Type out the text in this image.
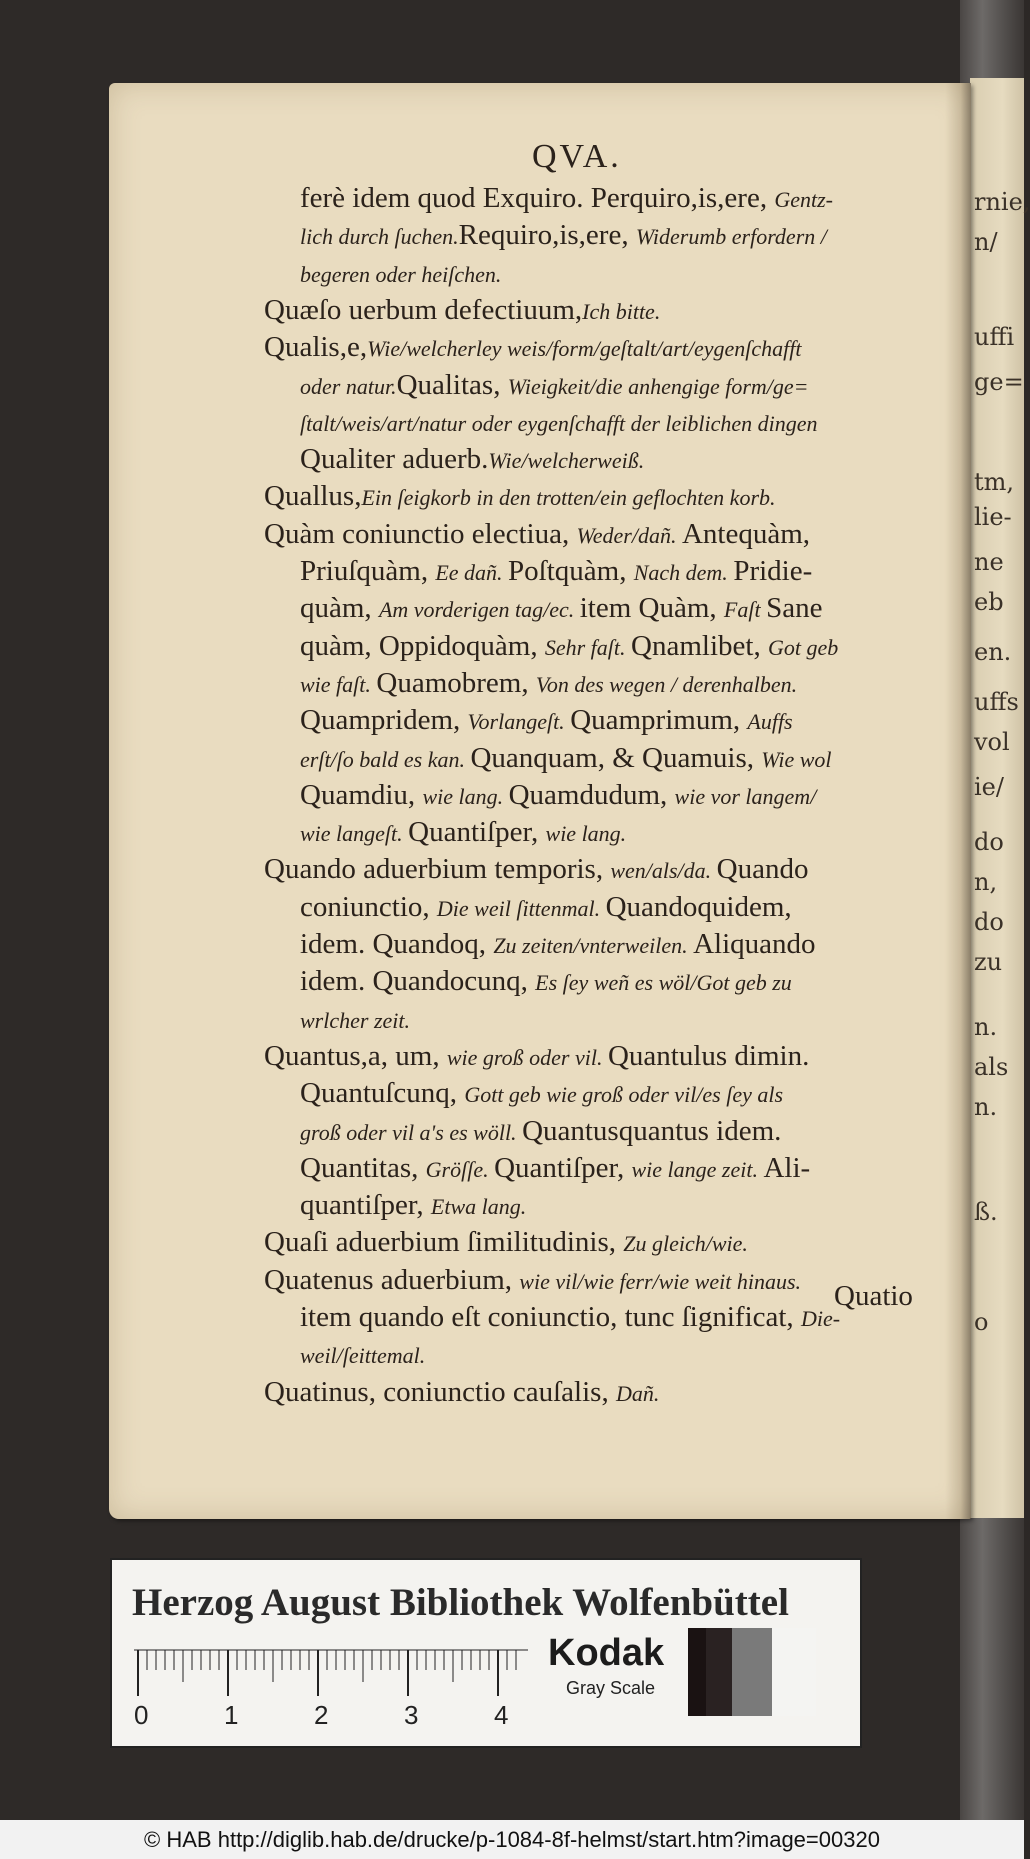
rnie,
n/
uffi
ge=
tm,
lie-
ne
eb
en.
uffs
vol
ie/
do
n,
do
zu
n.
als
n.
ß.
o
QVA.
ferè idem quod Exquiro. Perquiro,is,ere, Gentz-
lich durch ſuchen.Requiro,is,ere, Widerumb erfordern /
begeren oder heiſchen.
Quæſo uerbum defectiuum,Ich bitte.
Qualis,e,Wie/welcherley weis/form/geſtalt/art/eygenſchafft
oder natur.Qualitas, Wieigkeit/die anhengige form/ge=
ſtalt/weis/art/natur oder eygenſchafft der leiblichen dingen
Qualiter aduerb.Wie/welcherweiß.
Quallus,Ein ſeigkorb in den trotten/ein geflochten korb.
Quàm coniunctio electiua, Weder/dañ. Antequàm,
Priuſquàm, Ee dañ. Poſtquàm, Nach dem. Pridie-
quàm, Am vorderigen tag/ec. item Quàm, Faſt Sane
quàm, Oppidoquàm, Sehr faſt. Qnamlibet, Got geb
wie faſt. Quamobrem, Von des wegen / derenhalben.
Quampridem, Vorlangeſt. Quamprimum, Auffs
erſt/ſo bald es kan. Quanquam, & Quamuis, Wie wol
Quamdiu, wie lang. Quamdudum, wie vor langem/
wie langeſt. Quantiſper, wie lang.
Quando aduerbium temporis, wen/als/da. Quando
coniunctio, Die weil ſittenmal. Quandoquidem,
idem. Quandoq, Zu zeiten/vnterweilen. Aliquando
idem. Quandocunq, Es ſey weñ es wöl/Got geb zu
wrlcher zeit.
Quantus,a, um, wie groß oder vil. Quantulus dimin.
Quantuſcunq, Gott geb wie groß oder vil/es ſey als
groß oder vil a's es wöll. Quantusquantus idem.
Quantitas, Gröſſe. Quantiſper, wie lange zeit. Ali-
quantiſper, Etwa lang.
Quaſi aduerbium ſimilitudinis, Zu gleich/wie.
Quatenus aduerbium, wie vil/wie ferr/wie weit hinaus.
item quando eſt coniunctio, tunc ſignificat, Die-
weil/ſeittemal.
Quatinus, coniunctio cauſalis, Dañ.
Quatio
Herzog August Bibliothek Wolfenbüttel
0	1	2	3	4
Kodak
Gray Scale
© HAB http://diglib.hab.de/drucke/p-1084-8f-helmst/start.htm?image=00320
